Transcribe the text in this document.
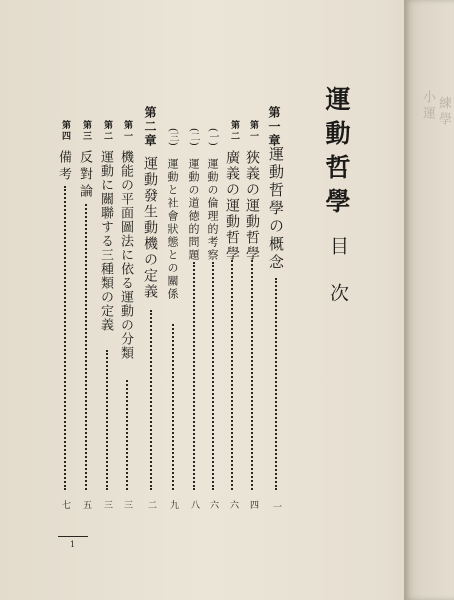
小運 練學
運動哲學
目次
第一章
運動哲學の概念
一
第一
狹義の運動哲學
四
第二
廣義の運動哲學
六
(一)
運動の倫理的考察
六
(二)
運動の道徳的問題
八
(三)
運動と社會狀態との關係
九
第二章
運動發生動機の定義
二
第一
機能の平面圖法に依る運動の分類
三
第二
運動に關聯する三種類の定義
三
第三
反對論
五
第四
備考
七
1
